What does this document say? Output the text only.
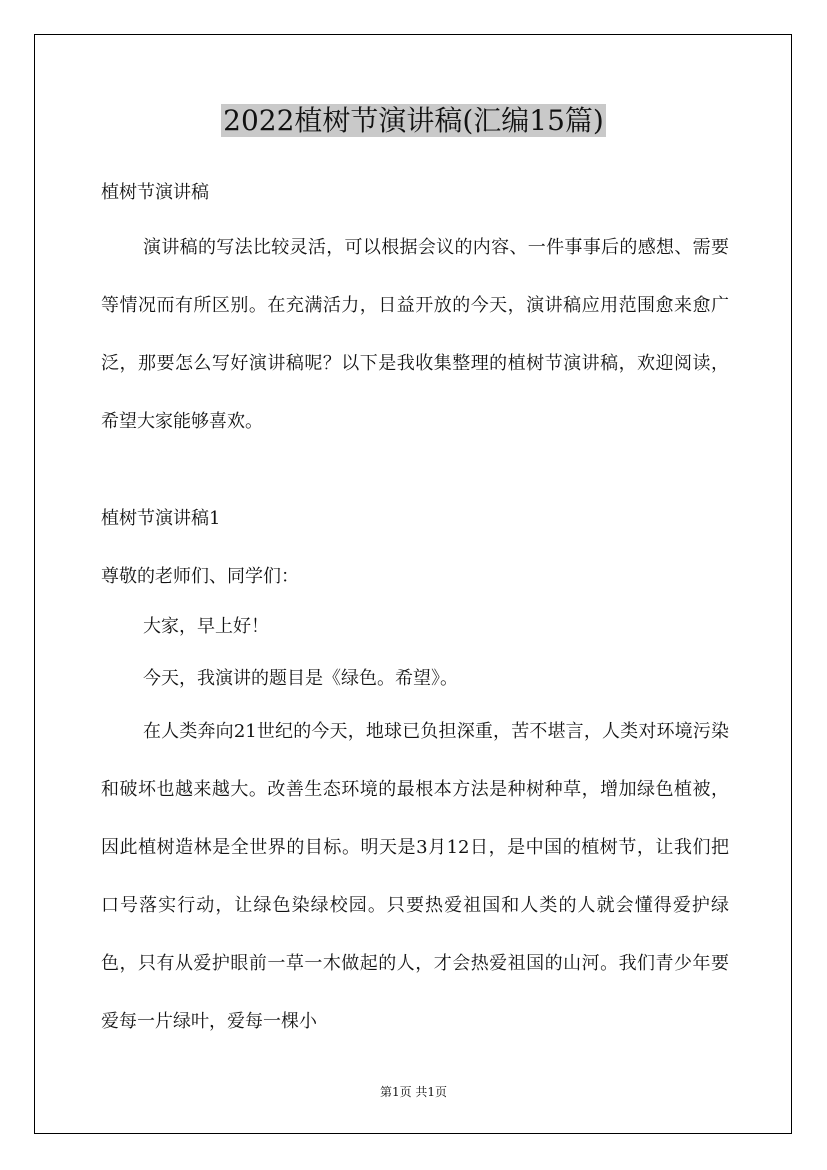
2022植树节演讲稿(汇编15篇)

植树节演讲稿

演讲稿的写法比较灵活，可以根据会议的内容、一件事事后的感想、需要等情况而有所区别。在充满活力，日益开放的今天，演讲稿应用范围愈来愈广泛，那要怎么写好演讲稿呢？以下是我收集整理的植树节演讲稿，欢迎阅读，希望大家能够喜欢。

植树节演讲稿1

尊敬的老师们、同学们：

大家，早上好！

今天，我演讲的题目是《绿色。希望》。

在人类奔向21世纪的今天，地球已负担深重，苦不堪言，人类对环境污染和破坏也越来越大。改善生态环境的最根本方法是种树种草，增加绿色植被，因此植树造林是全世界的目标。明天是3月12日，是中国的植树节，让我们把口号落实行动，让绿色染绿校园。只要热爱祖国和人类的人就会懂得爱护绿色，只有从爱护眼前一草一木做起的人，才会热爱祖国的山河。我们青少年要爱每一片绿叶，爱每一棵小

第1页 共1页
